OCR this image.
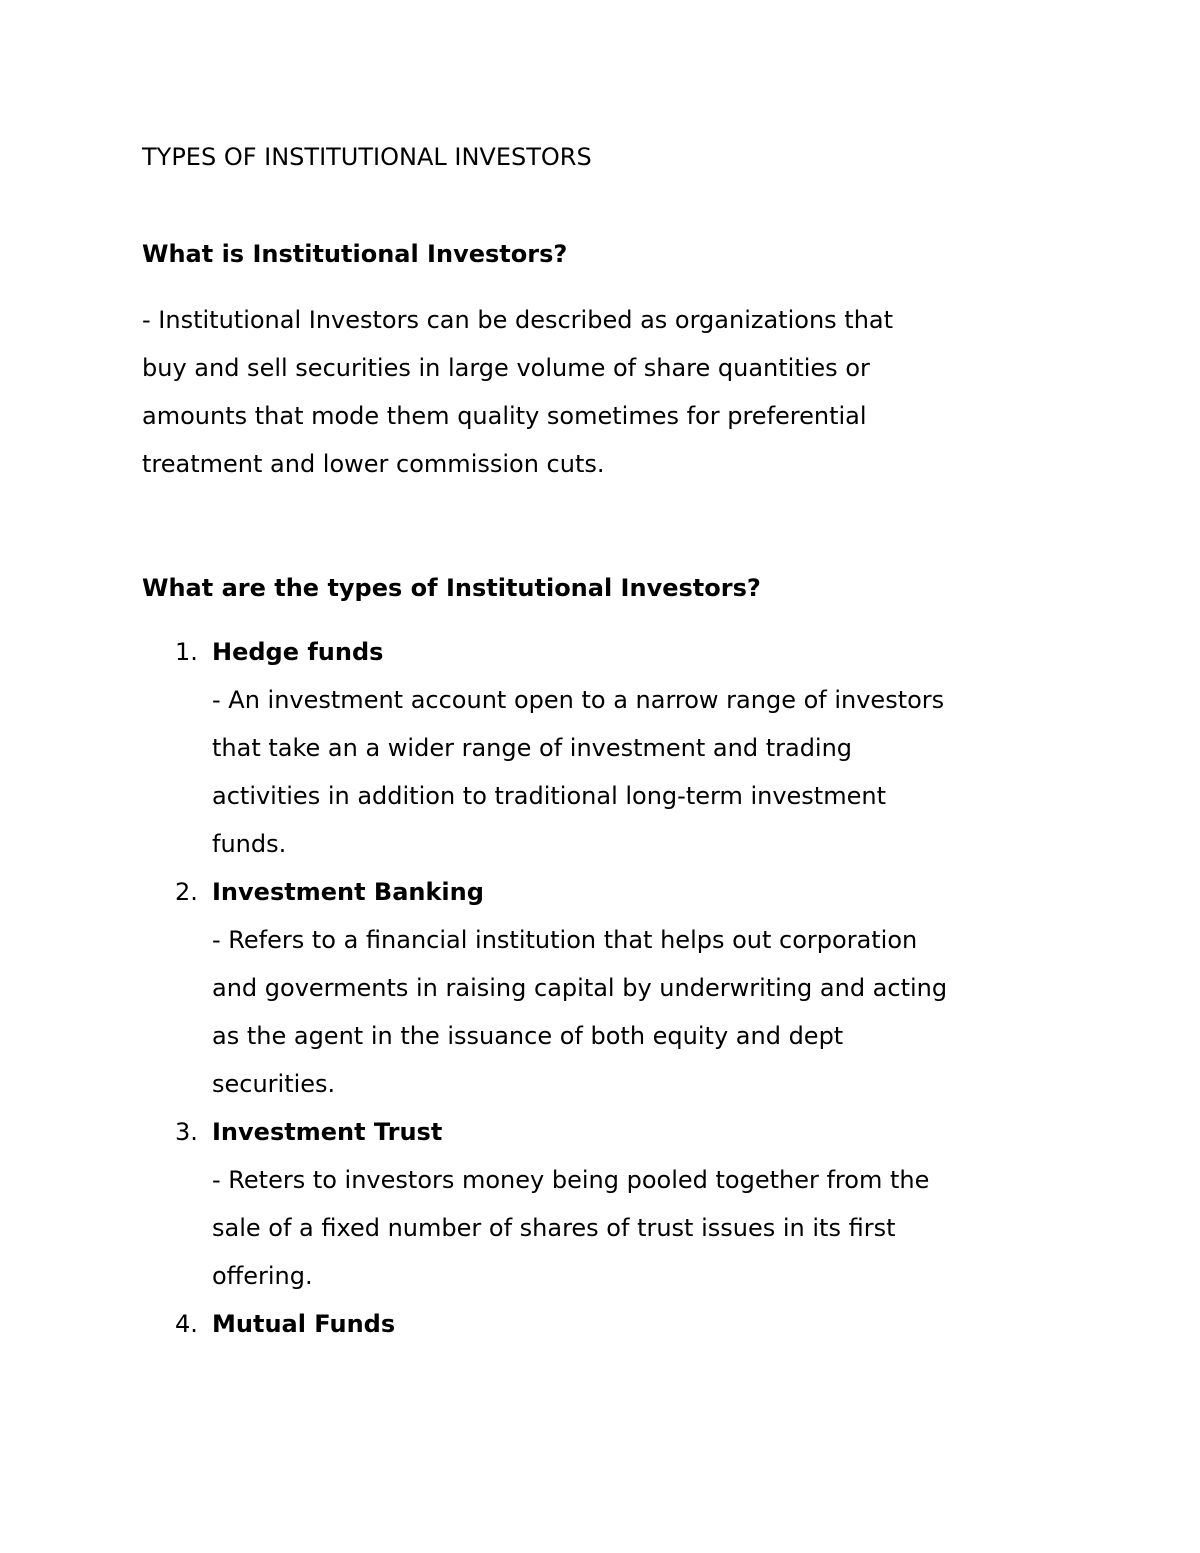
TYPES OF INSTITUTIONAL INVESTORS

What is Institutional Investors?

- Institutional Investors can be described as organizations that
buy and sell securities in large volume of share quantities or
amounts that mode them quality sometimes for preferential
treatment and lower commission cuts.

What are the types of Institutional Investors?

1. Hedge funds
- An investment account open to a narrow range of investors
that take an a wider range of investment and trading
activities in addition to traditional long-term investment
funds.
2. Investment Banking
- Refers to a financial institution that helps out corporation
and goverments in raising capital by underwriting and acting
as the agent in the issuance of both equity and dept
securities.
3. Investment Trust
- Reters to investors money being pooled together from the
sale of a fixed number of shares of trust issues in its first
offering.
4. Mutual Funds
